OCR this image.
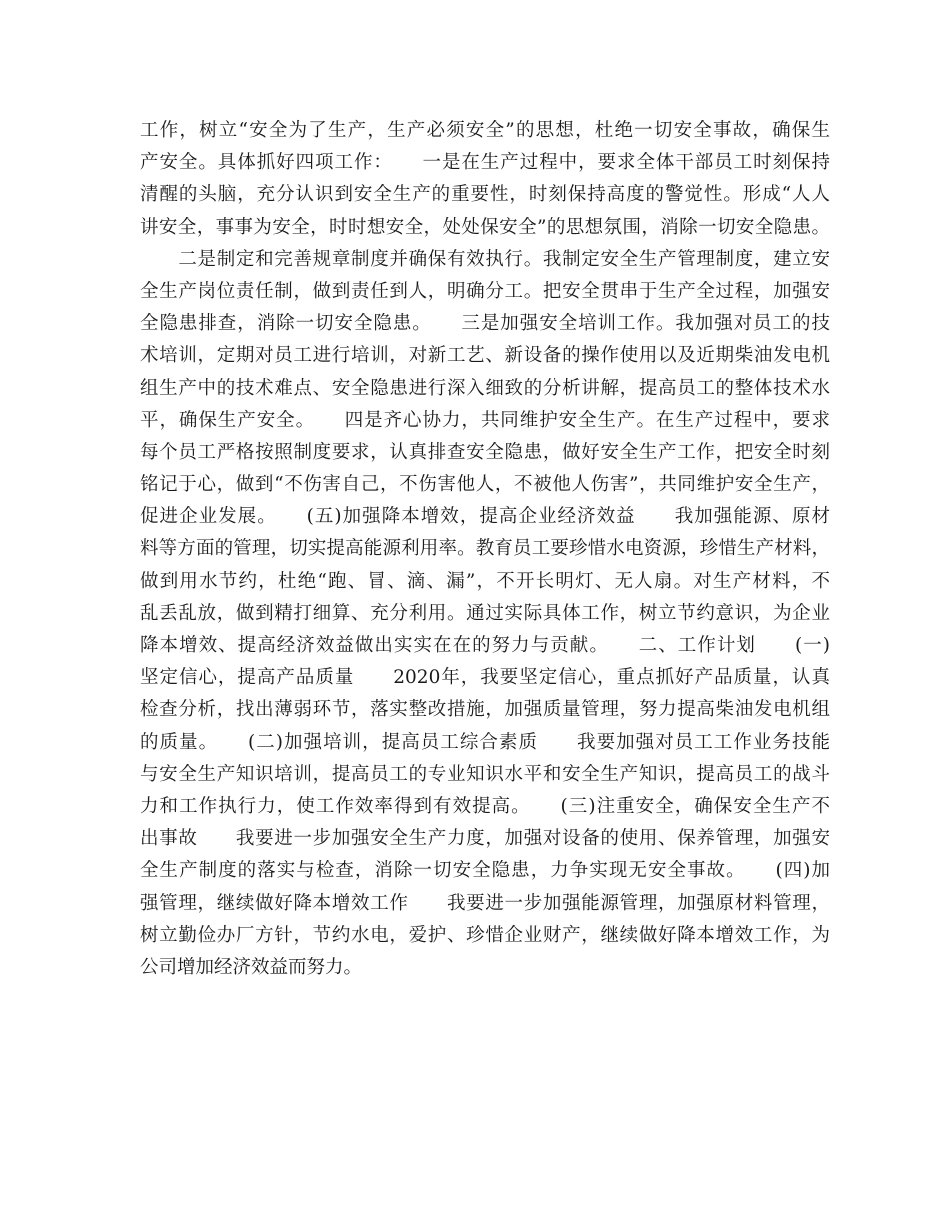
工作，树立“安全为了生产，生产必须安全”的思想，杜绝一切安全事故，确保生
产安全。具体抓好四项工作：　　一是在生产过程中，要求全体干部员工时刻保持
清醒的头脑，充分认识到安全生产的重要性，时刻保持高度的警觉性。形成“人人
讲安全，事事为安全，时时想安全，处处保安全”的思想氛围，消除一切安全隐患。
　　二是制定和完善规章制度并确保有效执行。我制定安全生产管理制度，建立安
全生产岗位责任制，做到责任到人，明确分工。把安全贯串于生产全过程，加强安
全隐患排查，消除一切安全隐患。　　三是加强安全培训工作。我加强对员工的技
术培训，定期对员工进行培训，对新工艺、新设备的操作使用以及近期柴油发电机
组生产中的技术难点、安全隐患进行深入细致的分析讲解，提高员工的整体技术水
平，确保生产安全。　　四是齐心协力，共同维护安全生产。在生产过程中，要求
每个员工严格按照制度要求，认真排查安全隐患，做好安全生产工作，把安全时刻
铭记于心，做到“不伤害自己，不伤害他人，不被他人伤害”，共同维护安全生产，
促进企业发展。　　(五)加强降本增效，提高企业经济效益　　我加强能源、原材
料等方面的管理，切实提高能源利用率。教育员工要珍惜水电资源，珍惜生产材料，
做到用水节约，杜绝“跑、冒、滴、漏”，不开长明灯、无人扇。对生产材料，不
乱丢乱放，做到精打细算、充分利用。通过实际具体工作，树立节约意识，为企业
降本增效、提高经济效益做出实实在在的努力与贡献。　　二、工作计划　　(一)
坚定信心，提高产品质量　　2020年，我要坚定信心，重点抓好产品质量，认真
检查分析，找出薄弱环节，落实整改措施，加强质量管理，努力提高柴油发电机组
的质量。　　(二)加强培训，提高员工综合素质　　我要加强对员工工作业务技能
与安全生产知识培训，提高员工的专业知识水平和安全生产知识，提高员工的战斗
力和工作执行力，使工作效率得到有效提高。　　(三)注重安全，确保安全生产不
出事故　　我要进一步加强安全生产力度，加强对设备的使用、保养管理，加强安
全生产制度的落实与检查，消除一切安全隐患，力争实现无安全事故。　　(四)加
强管理，继续做好降本增效工作　　我要进一步加强能源管理，加强原材料管理，
树立勤俭办厂方针，节约水电，爱护、珍惜企业财产，继续做好降本增效工作，为
公司增加经济效益而努力。
